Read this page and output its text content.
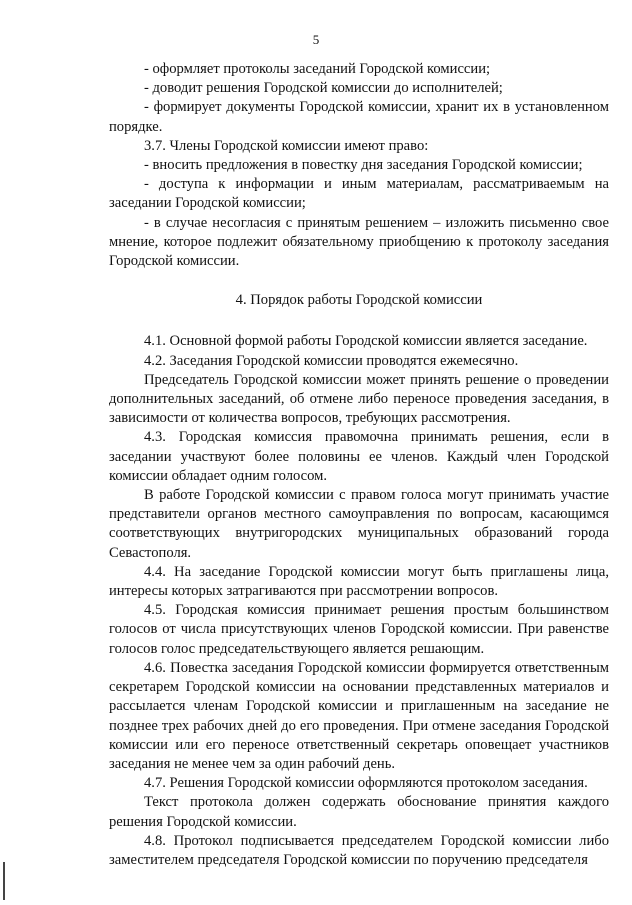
5

- оформляет протоколы заседаний Городской комиссии;

- доводит решения Городской комиссии до исполнителей;

- формирует документы Городской комиссии, хранит их в установленном порядке.

3.7. Члены Городской комиссии имеют право:

- вносить предложения в повестку дня заседания Городской комиссии;

- доступа к информации и иным материалам, рассматриваемым на заседании Городской комиссии;

- в случае несогласия с принятым решением – изложить письменно свое мнение, которое подлежит обязательному приобщению к протоколу заседания Городской комиссии.

4. Порядок работы Городской комиссии

4.1. Основной формой работы Городской комиссии является заседание.

4.2. Заседания Городской комиссии проводятся ежемесячно.

Председатель Городской комиссии может принять решение о проведении дополнительных заседаний, об отмене либо переносе проведения заседания, в зависимости от количества вопросов, требующих рассмотрения.

4.3. Городская комиссия правомочна принимать решения, если в заседании участвуют более половины ее членов. Каждый член Городской комиссии обладает одним голосом.

В работе Городской комиссии с правом голоса могут принимать участие представители органов местного самоуправления по вопросам, касающимся соответствующих внутригородских муниципальных образований города Севастополя.

4.4. На заседание Городской комиссии могут быть приглашены лица, интересы которых затрагиваются при рассмотрении вопросов.

4.5. Городская комиссия принимает решения простым большинством голосов от числа присутствующих членов Городской комиссии. При равенстве голосов голос председательствующего является решающим.

4.6. Повестка заседания Городской комиссии формируется ответственным секретарем Городской комиссии на основании представленных материалов и рассылается членам Городской комиссии и приглашенным на заседание не позднее трех рабочих дней до его проведения. При отмене заседания Городской комиссии или его переносе ответственный секретарь оповещает участников заседания не менее чем за один рабочий день.

4.7. Решения Городской комиссии оформляются протоколом заседания.

Текст протокола должен содержать обоснование принятия каждого решения Городской комиссии.

4.8. Протокол подписывается председателем Городской комиссии либо заместителем председателя Городской комиссии по поручению председателя
